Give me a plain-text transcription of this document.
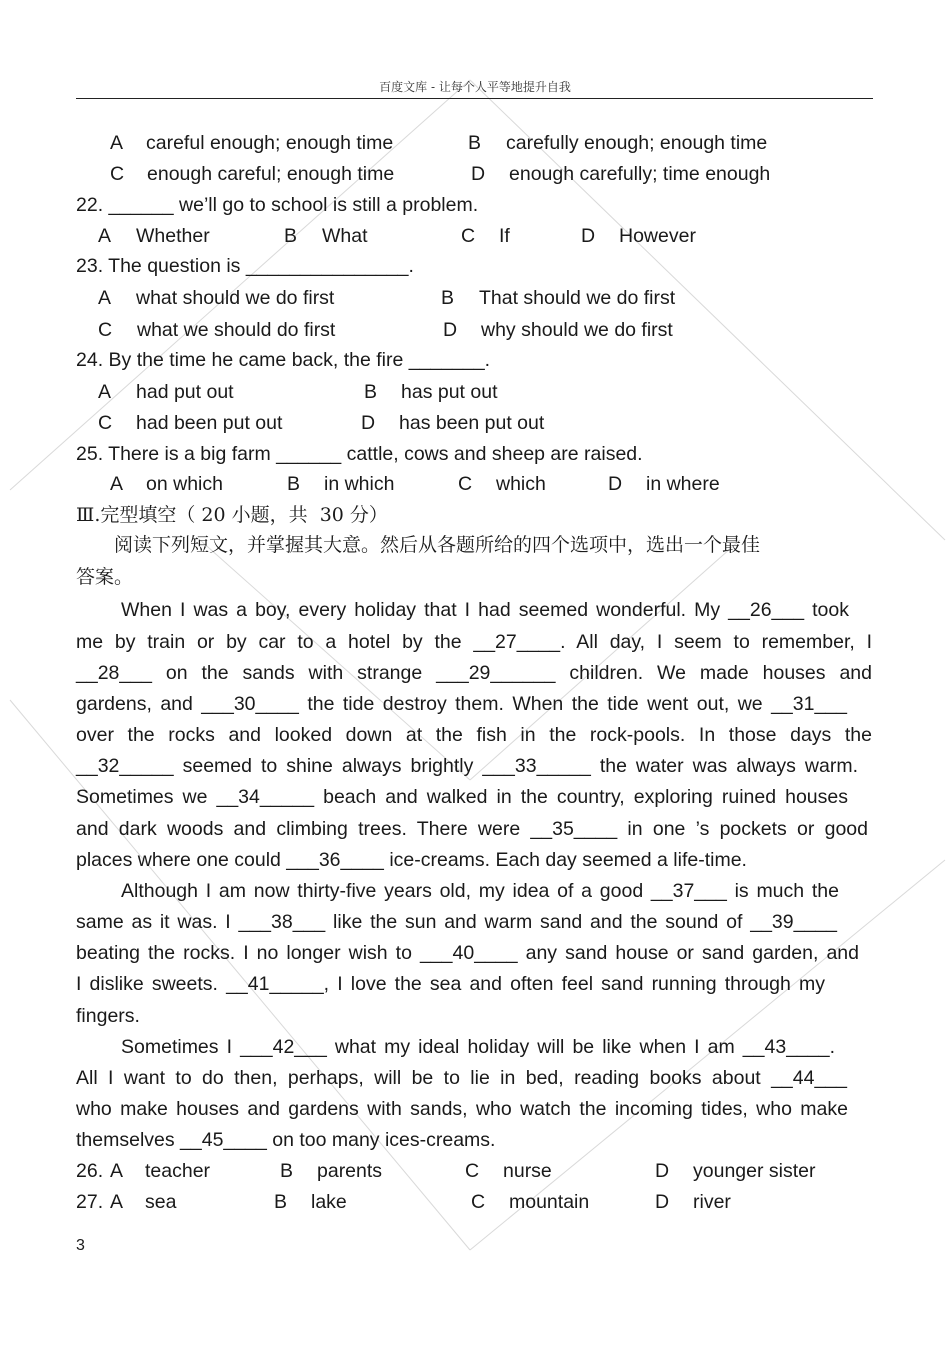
百度文库 - 让每个人平等地提升自我
A careful enough; enough time	B carefully enough; enough time
C enough careful; enough time	D enough carefully; time enough
22. ______ we’ll go to school is still a problem.
A Whether	B What	C If	D However
23. The question is _______________.
A what should we do first	B That should we do first
C what we should do first	D why should we do first
24. By the time he came back, the fire _______.
A had put out	B has put out
C had been put out	D has been put out
25. There is a big farm ______ cattle, cows and sheep are raised.
A on which	B in which	C which	D in where
Ⅲ.完型填空（ 20 小题，共  30 分）
阅读下列短文，并掌握其大意。然后从各题所给的四个选项中，选出一个最佳
答案。
When I was a boy, every holiday that I had seemed wonderful. My __26___ took
me by train or by car to a hotel by the __27____. All day, I seem to remember, I
__28___ on the sands with strange ___29______ children. We made houses and
gardens, and ___30____ the tide destroy them. When the tide went out, we __31___
over the rocks and looked down at the fish in the rock-pools. In those days the
__32_____ seemed to shine always brightly ___33_____ the water was always warm.
Sometimes we __34_____ beach and walked in the country, exploring ruined houses
and dark woods and climbing trees. There were __35____ in one ’s pockets or good
places where one could ___36____ ice-creams. Each day seemed a life-time.
Although I am now thirty-five years old, my idea of a good __37___ is much the
same as it was. I ___38___ like the sun and warm sand and the sound of __39____
beating the rocks. I no longer wish to ___40____ any sand house or sand garden, and
I dislike sweets. __41_____, I love the sea and often feel sand running through my
fingers.
Sometimes I ___42___ what my ideal holiday will be like when I am __43____.
All I want to do then, perhaps, will be to lie in bed, reading books about __44___
who make houses and gardens with sands, who watch the incoming tides, who make
themselves __45____ on too many ices-creams.
26. A teacher	B parents	C nurse	D younger sister
27. A sea	B lake	C mountain	D river
3
